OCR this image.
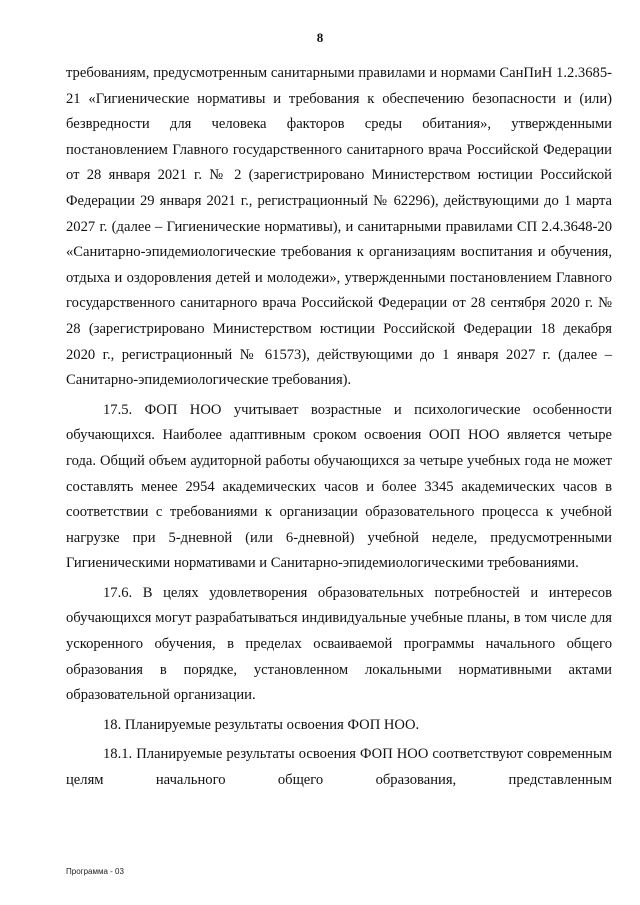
8

требованиям, предусмотренным санитарными правилами и нормами СанПиН 1.2.3685-21 «Гигиенические нормативы и требования к обеспечению безопасности и (или) безвредности для человека факторов среды обитания», утвержденными постановлением Главного государственного санитарного врача Российской Федерации от 28 января 2021 г. № 2 (зарегистрировано Министерством юстиции Российской Федерации 29 января 2021 г., регистрационный № 62296), действующими до 1 марта 2027 г. (далее – Гигиенические нормативы), и санитарными правилами СП 2.4.3648-20 «Санитарно-эпидемиологические требования к организациям воспитания и обучения, отдыха и оздоровления детей и молодежи», утвержденными постановлением Главного государственного санитарного врача Российской Федерации от 28 сентября 2020 г. № 28 (зарегистрировано Министерством юстиции Российской Федерации 18 декабря 2020 г., регистрационный № 61573), действующими до 1 января 2027 г. (далее – Санитарно-эпидемиологические требования).

17.5. ФОП НОО учитывает возрастные и психологические особенности обучающихся. Наиболее адаптивным сроком освоения ООП НОО является четыре года. Общий объем аудиторной работы обучающихся за четыре учебных года не может составлять менее 2954 академических часов и более 3345 академических часов в соответствии с требованиями к организации образовательного процесса к учебной нагрузке при 5-дневной (или 6-дневной) учебной неделе, предусмотренными Гигиеническими нормативами и Санитарно-эпидемиологическими требованиями.

17.6. В целях удовлетворения образовательных потребностей и интересов обучающихся могут разрабатываться индивидуальные учебные планы, в том числе для ускоренного обучения, в пределах осваиваемой программы начального общего образования в порядке, установленном локальными нормативными актами образовательной организации.

18. Планируемые результаты освоения ФОП НОО.

18.1. Планируемые результаты освоения ФОП НОО соответствуют современным целям начального общего образования, представленным

Программа - 03
